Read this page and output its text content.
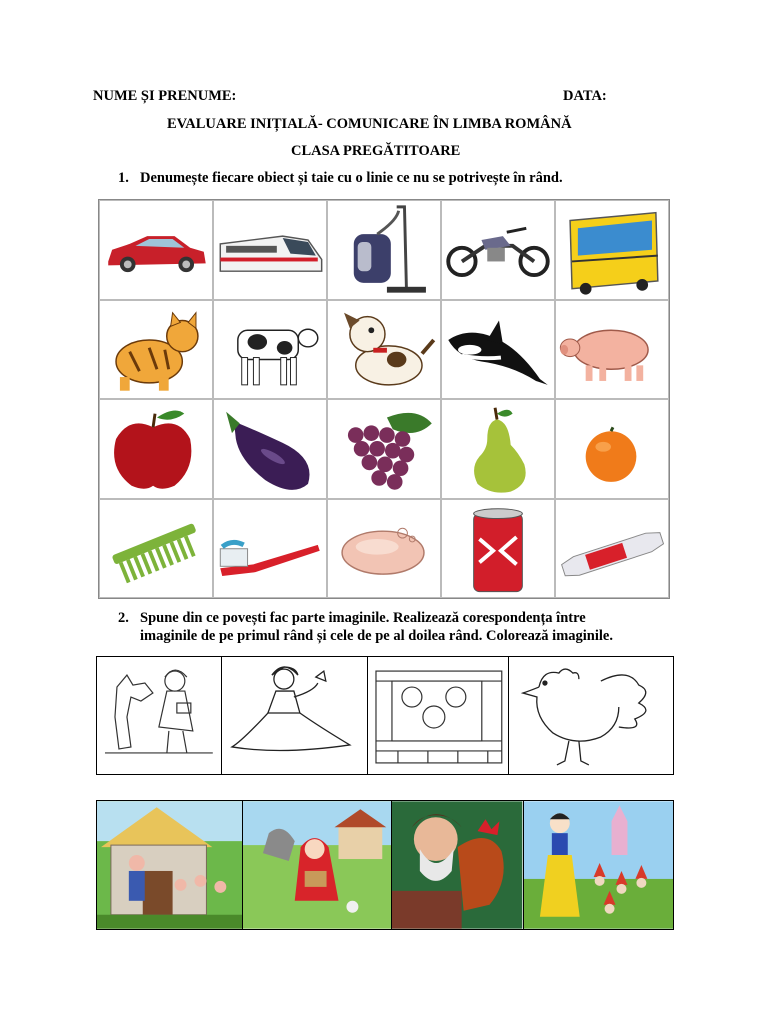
NUME ȘI PRENUME:	DATA:
EVALUARE INIȚIALĂ- COMUNICARE ÎN LIMBA ROMÂNĂ
CLASA PREGĂTITOARE
1. Denumește fiecare obiect și taie cu o linie ce nu se potrivește în rând.
2. Spune din ce povești fac parte imaginile. Realizează corespondența între
imaginile de pe primul rând și cele de pe al doilea rând. Colorează imaginile.
